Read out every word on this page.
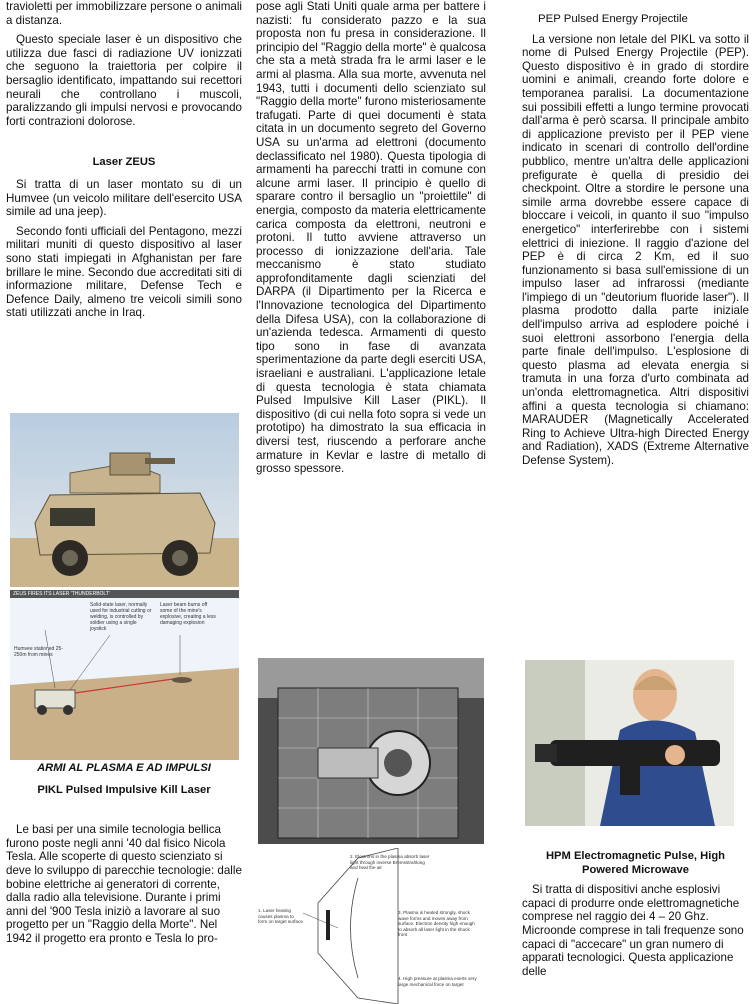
travioletti per immobilizzare persone o animali a distanza.

Questo speciale laser è un dispositivo che utilizza due fasci di radiazione UV ionizzati che seguono la traiettoria per colpire il bersaglio identificato, impattando sui recettori neurali che controllano i muscoli, paralizzando gli impulsi nervosi e provocando forti contrazioni dolorose.

Laser ZEUS

Si tratta di un laser montato su di un Humvee (un veicolo militare dell'esercito USA simile ad una jeep).

Secondo fonti ufficiali del Pentagono, mezzi militari muniti di questo dispositivo al laser sono stati impiegati in Afghanistan per fare brillare le mine. Secondo due accreditati siti di informazione militare, Defense Tech e Defence Daily, almeno tre veicoli simili sono stati utilizzati anche in Iraq.

ZEUS FIRES ITS LASER 'THUNDERBOLT'
Solid-state laser, normally used for industrial cutting or welding, is controlled by soldier using a single joystick
Laser beam burns off some of the mine's explosive, creating a less damaging explosion
Humvee stationed 25-250m from mines
ARMI AL PLASMA E AD IMPULSI
PIKL Pulsed Impulsive Kill Laser

Le basi per una simile tecnologia bellica furono poste negli anni '40 dal fisico Nicola Tesla. Alle scoperte di questo scienziato si deve lo sviluppo di parecchie tecnologie: dalle bobine elettriche ai generatori di corrente, dalla radio alla televisione. Durante i primi anni del '900 Tesla iniziò a lavorare al suo progetto per un "Raggio della Morte". Nel 1942 il progetto era pronto e Tesla lo pro-

pose agli Stati Uniti quale arma per battere i nazisti: fu considerato pazzo e la sua proposta non fu presa in considerazione. Il principio del "Raggio della morte" è qualcosa che sta a metà strada fra le armi laser e le armi al plasma. Alla sua morte, avvenuta nel 1943, tutti i documenti dello scienziato sul "Raggio della morte" furono misteriosamente trafugati. Parte di quei documenti è stata citata in un documento segreto del Governo USA su un'arma ad elettroni (documento declassificato nel 1980). Questa tipologia di armamenti ha parecchi tratti in comune con alcune armi laser. Il principio è quello di sparare contro il bersaglio un "proiettile" di energia, composto da materia elettricamente carica composta da elettroni, neutroni e protoni. Il tutto avviene attraverso un processo di ionizzazione dell'aria. Tale meccanismo è stato studiato approfonditamente dagli scienziati del DARPA (il Dipartimento per la Ricerca e l'Innovazione tecnologica del Dipartimento della Difesa USA), con la collaborazione di un'azienda tedesca. Armamenti di questo tipo sono in fase di avanzata sperimentazione da parte degli eserciti USA, israeliani e australiani. L'applicazione letale di questa tecnologia è stata chiamata Pulsed Impulsive Kill Laser (PIKL). Il dispositivo (di cui nella foto sopra si vede un prototipo) ha dimostrato la sua efficacia in diversi test, riuscendo a perforare anche armature in Kevlar e lastre di metallo di grosso spessore.

1. Laser heating causes plasma to form on target surface
2. Electrons in the plasma absorb laser light through inverse Bremsstrahlung and heat the air
3. Plasma is heated strongly, shock wave forms and moves away from surface. Electron density high enough to absorb all laser light in the shock front
4. High pressure at plasma exerts very large mechanical force on target
PEP Pulsed Energy Projectile

La versione non letale del PIKL va sotto il nome di Pulsed Energy Projectile (PEP). Questo dispositivo è in grado di stordire uomini e animali, creando forte dolore e temporanea paralisi. La documentazione sui possibili effetti a lungo termine provocati dall'arma è però scarsa. Il principale ambito di applicazione previsto per il PEP viene indicato in scenari di controllo dell'ordine pubblico, mentre un'altra delle applicazioni prefigurate è quella di presidio dei checkpoint. Oltre a stordire le persone una simile arma dovrebbe essere capace di bloccare i veicoli, in quanto il suo "impulso energetico" interferirebbe con i sistemi elettrici di iniezione. Il raggio d'azione del PEP è di circa 2 Km, ed il suo funzionamento si basa sull'emissione di un impulso laser ad infrarossi (mediante l'impiego di un "deutorium fluoride laser"). Il plasma prodotto dalla parte iniziale dell'impulso arriva ad esplodere poiché i suoi elettroni assorbono l'energia della parte finale dell'impulso. L'esplosione di questo plasma ad elevata energia si tramuta in una forza d'urto combinata ad un'onda elettromagnetica. Altri dispositivi affini a questa tecnologia si chiamano: MARAUDER (Magnetically Accelerated Ring to Achieve Ultra-high Directed Energy and Radiation), XADS (Extreme Alternative Defense System).

HPM Electromagnetic Pulse, High Powered Microwave

Si tratta di dispositivi anche esplosivi capaci di produrre onde elettromagnetiche comprese nel raggio dei 4 – 20 Ghz. Microonde comprese in tali frequenze sono capaci di "accecare" un gran numero di apparati tecnologici. Questa applicazione delle
